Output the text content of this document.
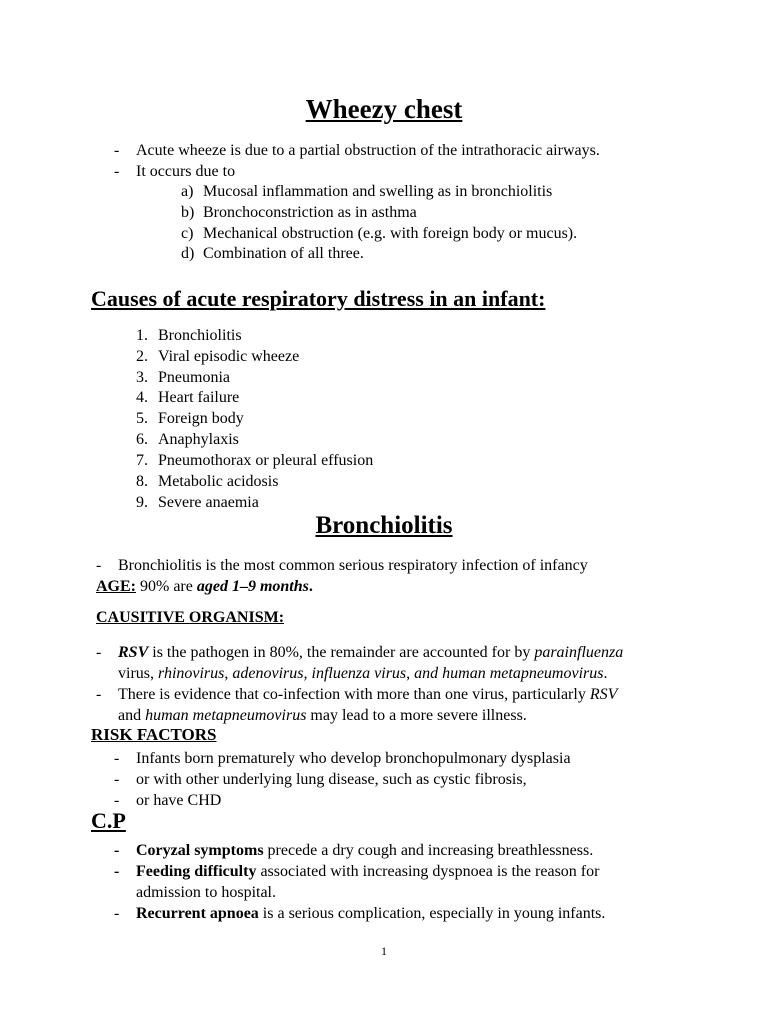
Wheezy chest
- Acute wheeze is due to a partial obstruction of the intrathoracic airways.
- It occurs due to
a) Mucosal inflammation and swelling as in bronchiolitis
b) Bronchoconstriction as in asthma
c) Mechanical obstruction (e.g. with foreign body or mucus).
d) Combination of all three.
Causes of acute respiratory distress in an infant:
1. Bronchiolitis
2. Viral episodic wheeze
3. Pneumonia
4. Heart failure
5. Foreign body
6. Anaphylaxis
7. Pneumothorax or pleural effusion
8. Metabolic acidosis
9. Severe anaemia
Bronchiolitis
- Bronchiolitis is the most common serious respiratory infection of infancy
AGE: 90% are aged 1–9 months.
CAUSITIVE ORGANISM:
- RSV is the pathogen in 80%, the remainder are accounted for by parainfluenza
virus, rhinovirus, adenovirus, influenza virus, and human metapneumovirus.
- There is evidence that co-infection with more than one virus, particularly RSV
and human metapneumovirus may lead to a more severe illness.
RISK FACTORS
- Infants born prematurely who develop bronchopulmonary dysplasia
- or with other underlying lung disease, such as cystic fibrosis,
- or have CHD
C.P
- Coryzal symptoms precede a dry cough and increasing breathlessness.
- Feeding difficulty associated with increasing dyspnoea is the reason for
admission to hospital.
- Recurrent apnoea is a serious complication, especially in young infants.
1
